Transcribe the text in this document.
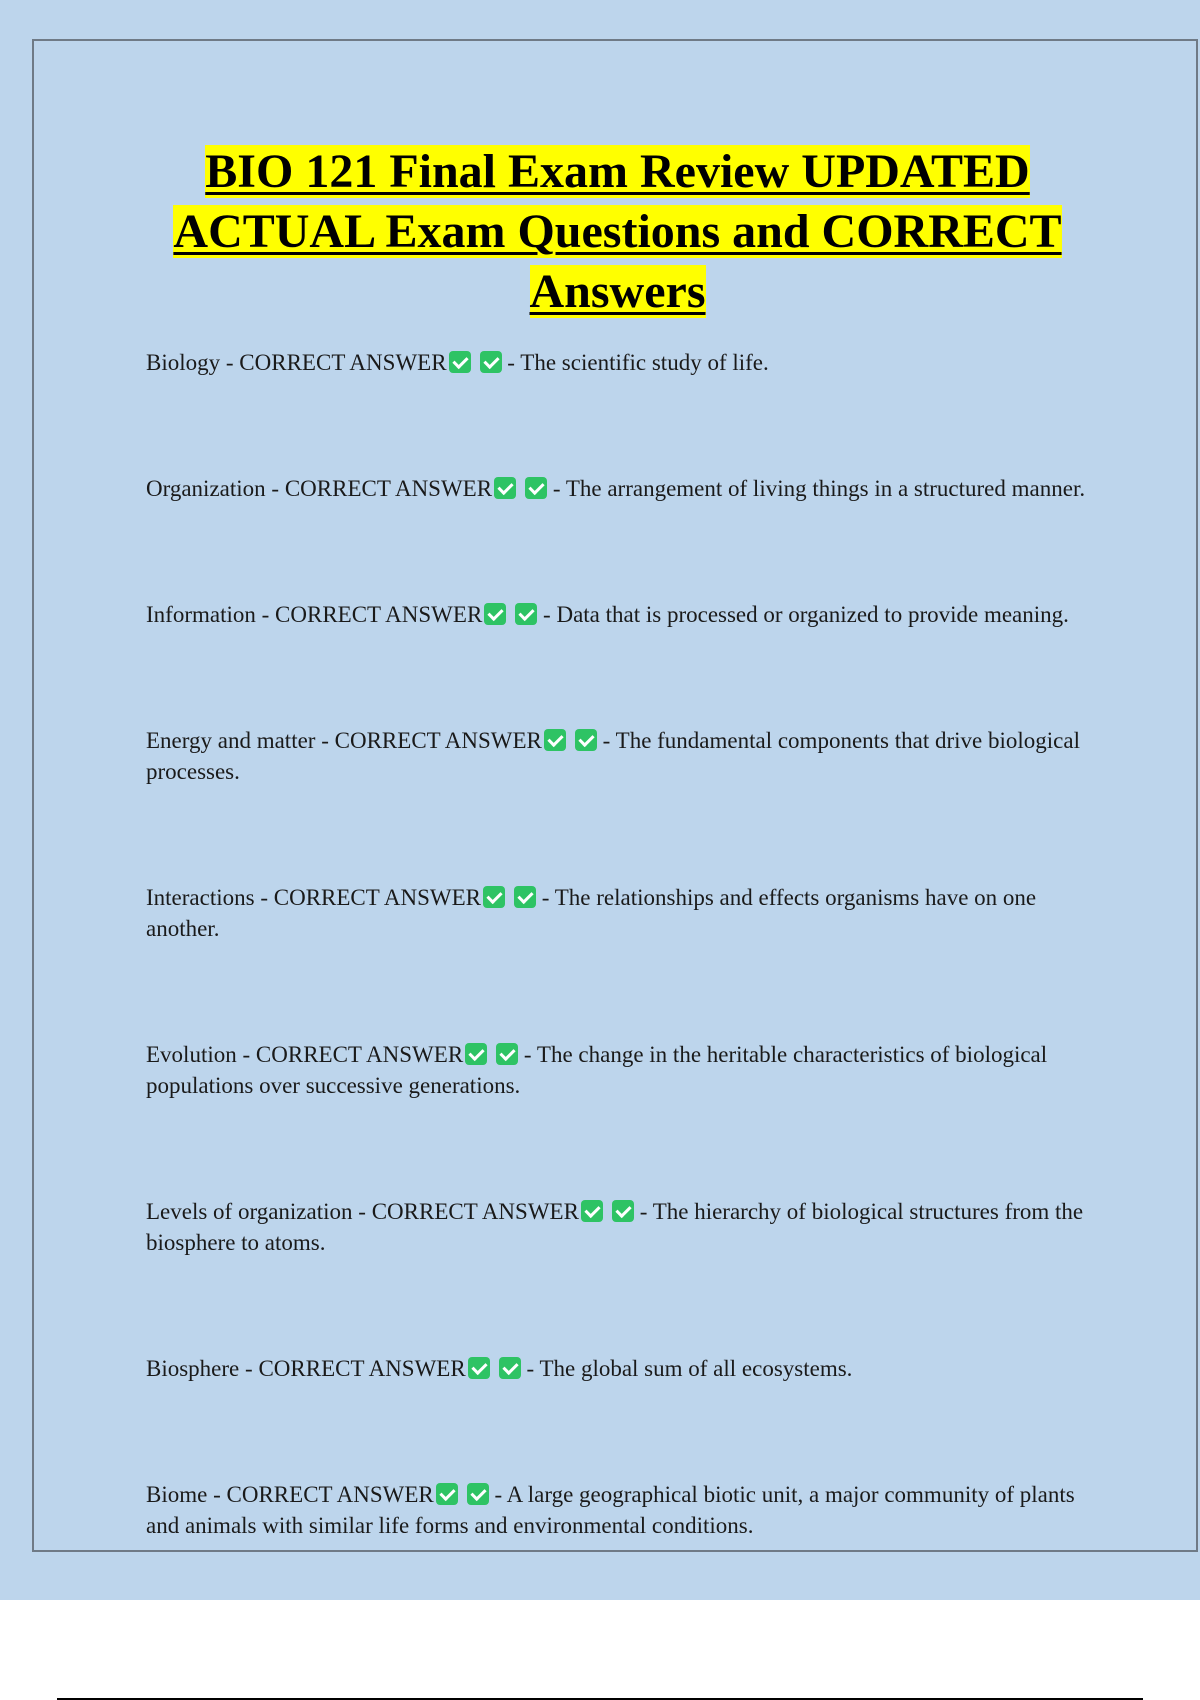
BIO 121 Final Exam Review UPDATED ACTUAL Exam Questions and CORRECT Answers

Biology - CORRECT ANSWER - The scientific study of life.

Organization - CORRECT ANSWER - The arrangement of living things in a structured manner.

Information - CORRECT ANSWER - Data that is processed or organized to provide meaning.

Energy and matter - CORRECT ANSWER - The fundamental components that drive biological processes.

Interactions - CORRECT ANSWER - The relationships and effects organisms have on one another.

Evolution - CORRECT ANSWER - The change in the heritable characteristics of biological populations over successive generations.

Levels of organization - CORRECT ANSWER - The hierarchy of biological structures from the biosphere to atoms.

Biosphere - CORRECT ANSWER - The global sum of all ecosystems.

Biome - CORRECT ANSWER - A large geographical biotic unit, a major community of plants and animals with similar life forms and environmental conditions.
